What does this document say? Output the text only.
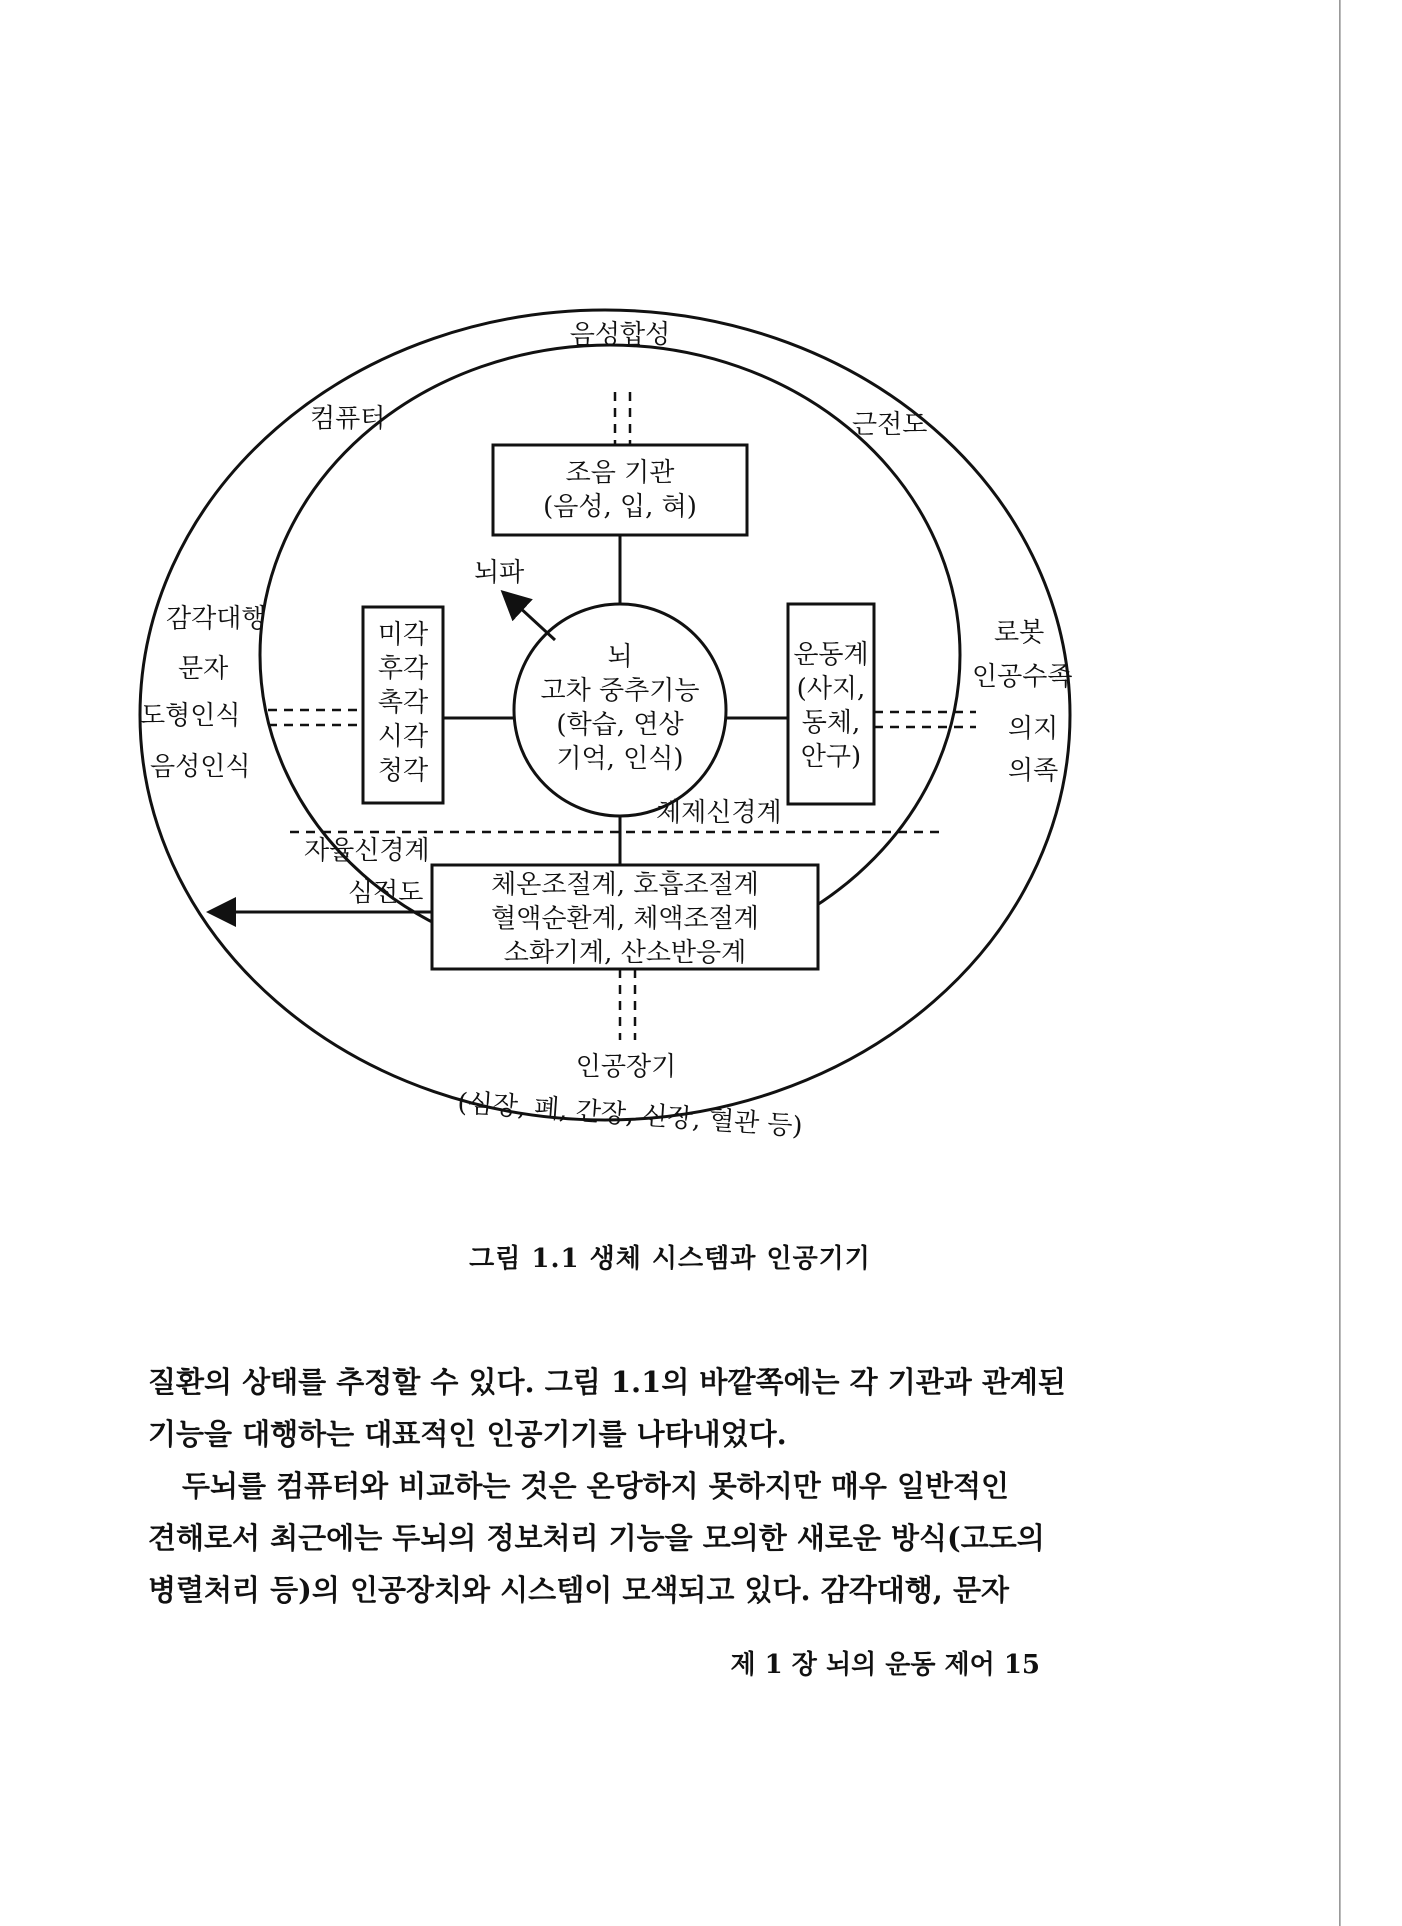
음성합성
컴퓨터	근전도
감각대행
문자
도형인식
음성인식
로봇
인공수족
의지
의족
뇌파
체제신경계
자율신경계
심전도
인공장기
(심장, 폐, 간장, 신장, 혈관 등)
조음 기관
(음성, 입, 혀)
미각
후각
촉각
시각
청각
뇌
고차 중추기능
(학습, 연상
기억, 인식)
운동계
(사지,
동체,
안구)
체온조절계, 호흡조절계
혈액순환계, 체액조절계
소화기계, 산소반응계
그림 1.1 생체 시스템과 인공기기

질환의 상태를 추정할 수 있다. 그림 1.1의 바깥쪽에는 각 기관과 관계된

기능을 대행하는 대표적인 인공기기를 나타내었다.

두뇌를 컴퓨터와 비교하는 것은 온당하지 못하지만 매우 일반적인

견해로서 최근에는 두뇌의 정보처리 기능을 모의한 새로운 방식(고도의

병렬처리 등)의 인공장치와 시스템이 모색되고 있다. 감각대행, 문자

제 1 장 뇌의 운동 제어 15
